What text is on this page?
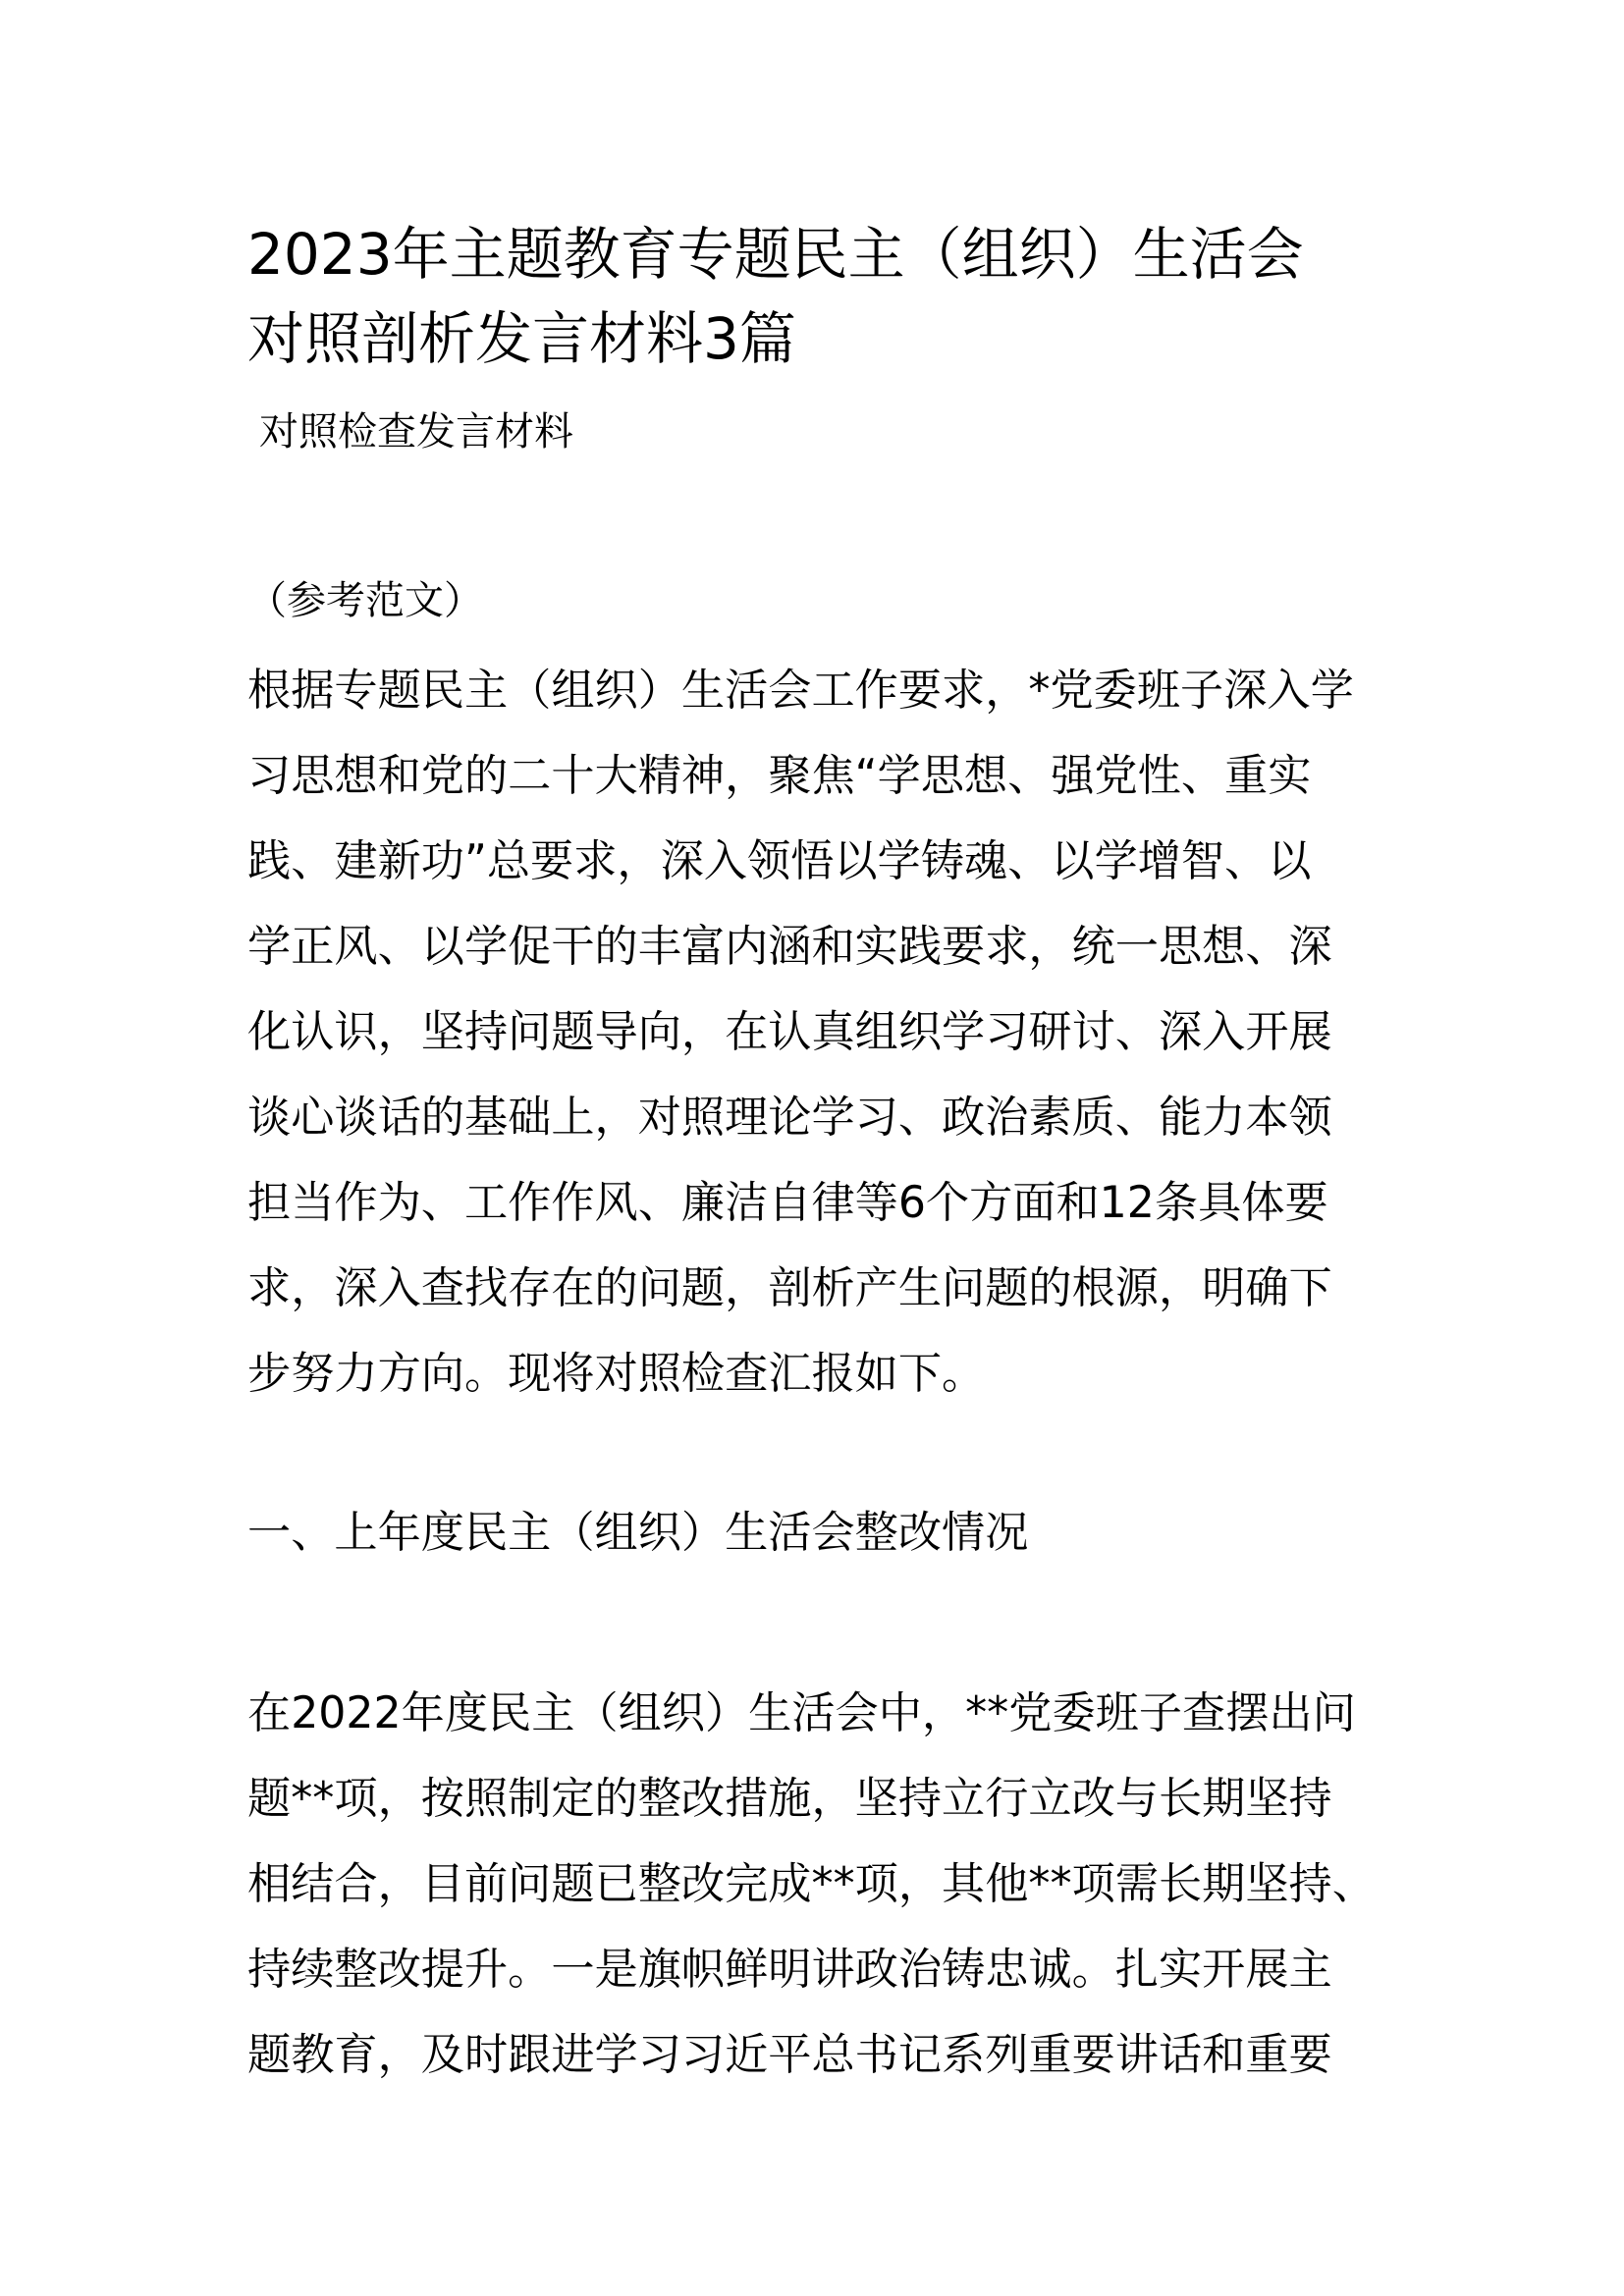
2023年主题教育专题民主（组织）生活会
对照剖析发言材料3篇
对照检查发言材料
（参考范文）
根据专题民主（组织）生活会工作要求，*党委班子深入学
习思想和党的二十大精神，聚焦“学思想、强党性、重实
践、建新功”总要求，深入领悟以学铸魂、以学增智、以
学正风、以学促干的丰富内涵和实践要求，统一思想、深
化认识，坚持问题导向，在认真组织学习研讨、深入开展
谈心谈话的基础上，对照理论学习、政治素质、能力本领
担当作为、工作作风、廉洁自律等6个方面和12条具体要
求，深入查找存在的问题，剖析产生问题的根源，明确下
步努力方向。现将对照检查汇报如下。
一、上年度民主（组织）生活会整改情况
在2022年度民主（组织）生活会中，**党委班子查摆出问
题**项，按照制定的整改措施，坚持立行立改与长期坚持
相结合，目前问题已整改完成**项，其他**项需长期坚持、
持续整改提升。一是旗帜鲜明讲政治铸忠诚。扎实开展主
题教育，及时跟进学习习近平总书记系列重要讲话和重要
